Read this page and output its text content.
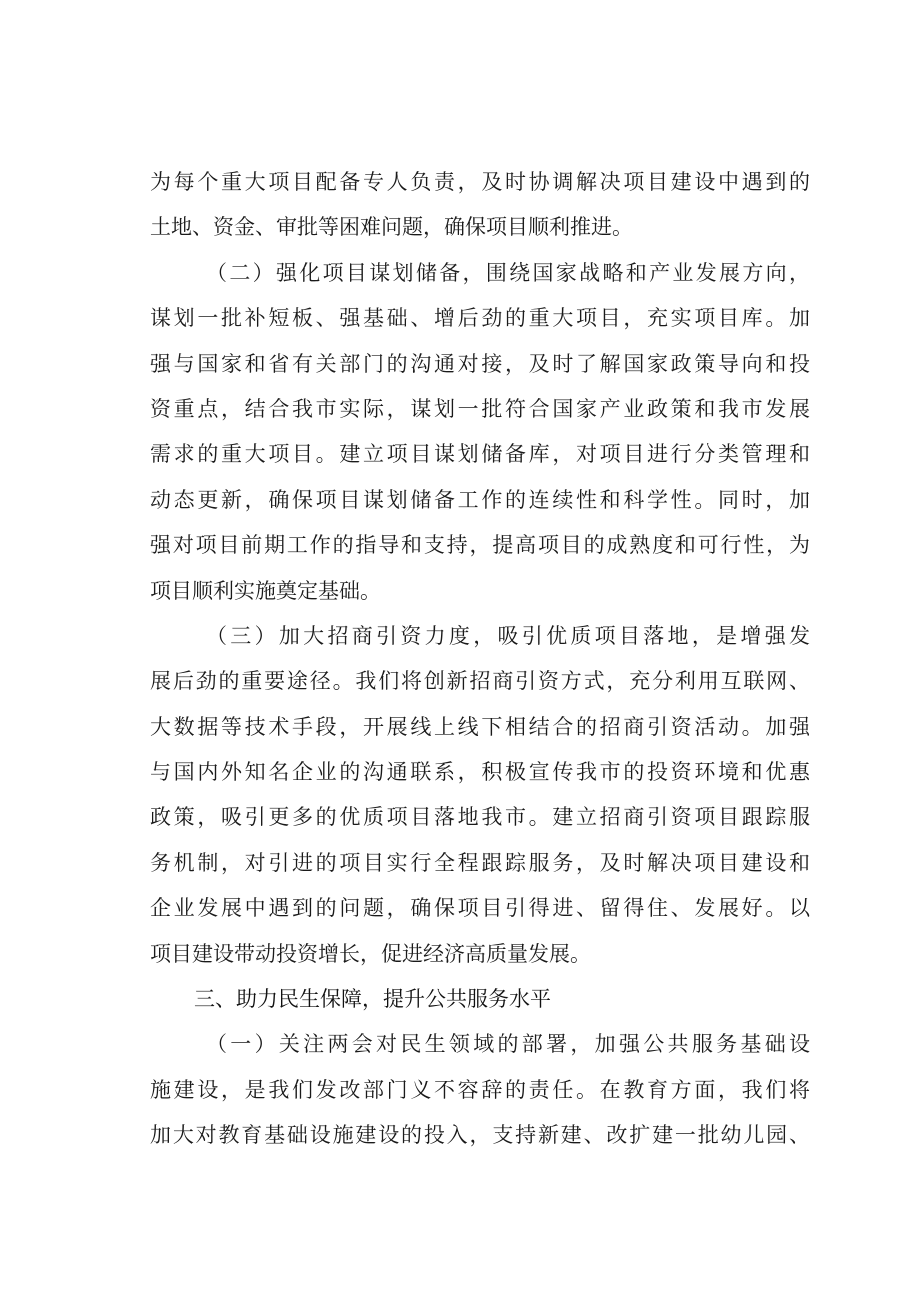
为每个重大项目配备专人负责，及时协调解决项目建设中遇到的
土地、资金、审批等困难问题，确保项目顺利推进。
（二）强化项目谋划储备，围绕国家战略和产业发展方向，
谋划一批补短板、强基础、增后劲的重大项目，充实项目库。加
强与国家和省有关部门的沟通对接，及时了解国家政策导向和投
资重点，结合我市实际，谋划一批符合国家产业政策和我市发展
需求的重大项目。建立项目谋划储备库，对项目进行分类管理和
动态更新，确保项目谋划储备工作的连续性和科学性。同时，加
强对项目前期工作的指导和支持，提高项目的成熟度和可行性，为
项目顺利实施奠定基础。
（三）加大招商引资力度，吸引优质项目落地，是增强发
展后劲的重要途径。我们将创新招商引资方式，充分利用互联网、
大数据等技术手段，开展线上线下相结合的招商引资活动。加强
与国内外知名企业的沟通联系，积极宣传我市的投资环境和优惠
政策，吸引更多的优质项目落地我市。建立招商引资项目跟踪服
务机制，对引进的项目实行全程跟踪服务，及时解决项目建设和
企业发展中遇到的问题，确保项目引得进、留得住、发展好。以
项目建设带动投资增长，促进经济高质量发展。
三、助力民生保障，提升公共服务水平
（一）关注两会对民生领域的部署，加强公共服务基础设
施建设，是我们发改部门义不容辞的责任。在教育方面，我们将
加大对教育基础设施建设的投入，支持新建、改扩建一批幼儿园、
